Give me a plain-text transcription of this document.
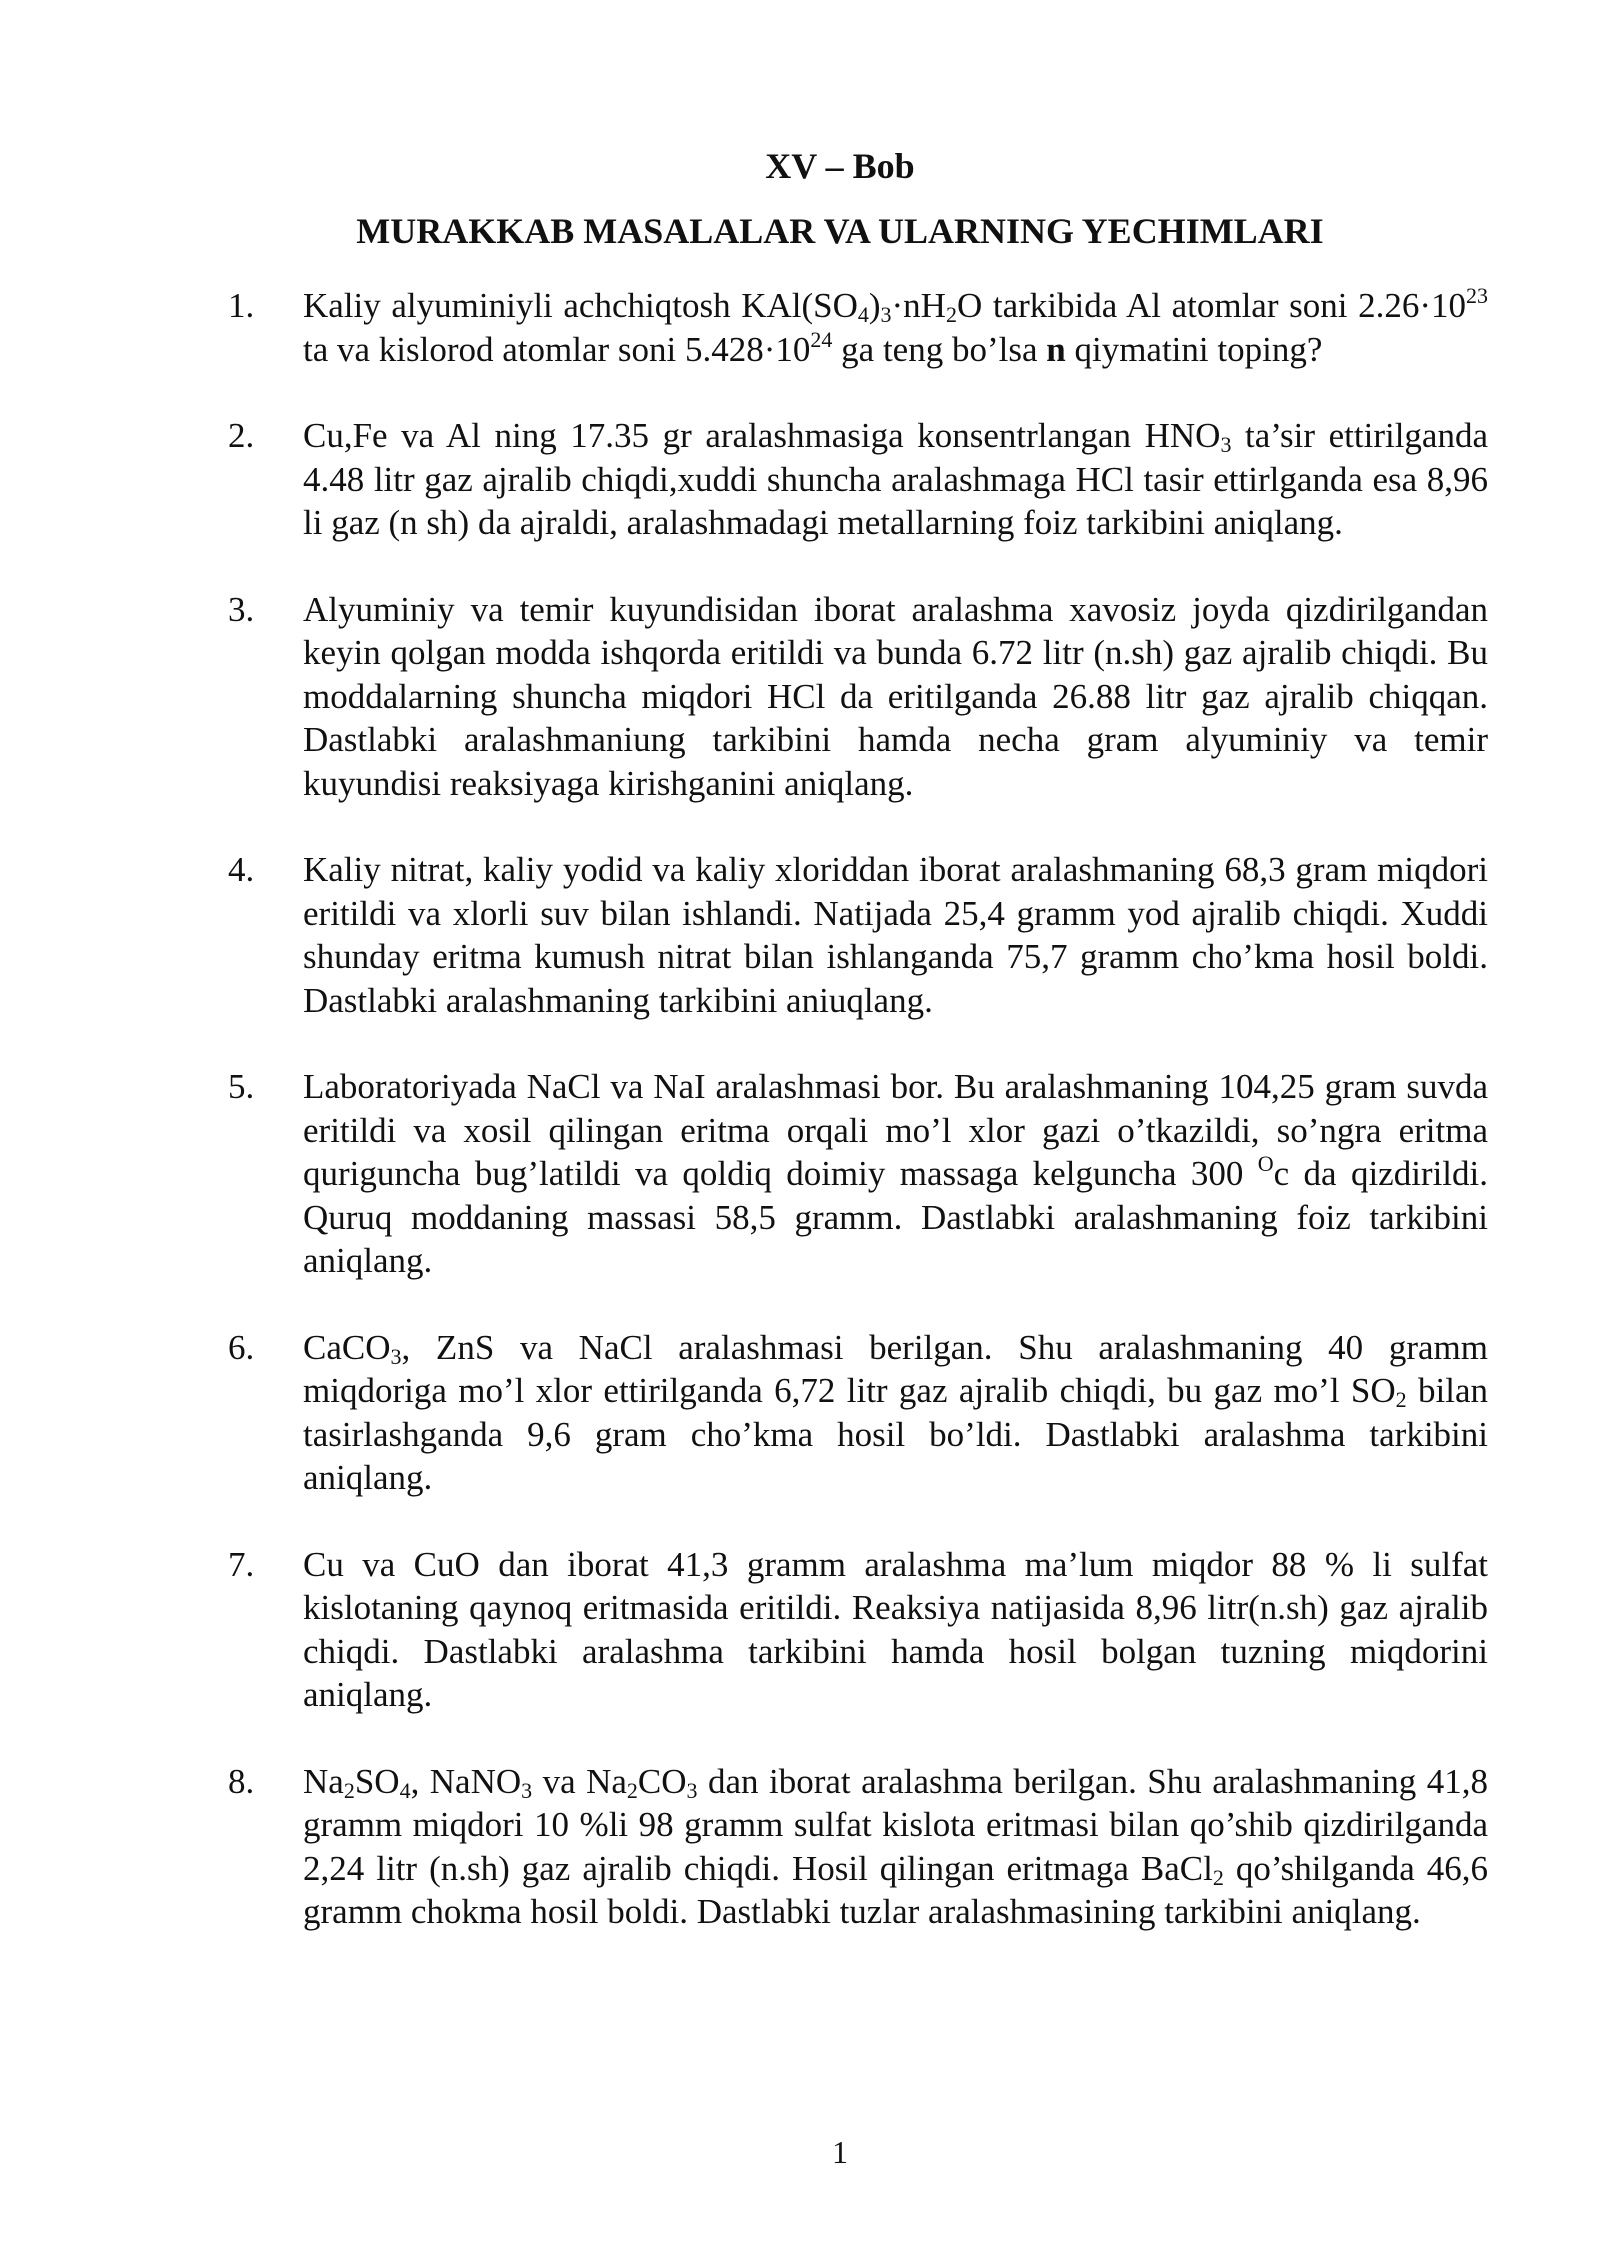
XV – Bob
MURAKKAB MASALALAR VA ULARNING YECHIMLARI
1.	Kaliy alyuminiyli achchiqtosh $KAl(SO_4)_3\cdot nH_2O$ tarkibida Al atomlar soni $2.26\cdot 10^{23}$ ta va kislorod atomlar soni $5.428\cdot 10^{24}$ ga teng bo’lsa n qiymatini toping?
2.	Cu,Fe va Al ning 17.35 gr aralashmasiga konsentrlangan $HNO_3$ ta’sir ettirilganda 4.48 litr gaz ajralib chiqdi,xuddi shuncha aralashmaga HCl tasir ettirlganda esa 8,96 li gaz (n sh) da ajraldi, aralashmadagi metallarning foiz tarkibini aniqlang.
3.	Alyuminiy va temir kuyundisidan iborat aralashma xavosiz joyda qizdirilgandan keyin qolgan modda ishqorda eritildi va bunda 6.72 litr (n.sh) gaz ajralib chiqdi. Bu moddalarning shuncha miqdori HCl da eritilganda 26.88 litr gaz ajralib chiqqan. Dastlabki aralashmaniung tarkibini hamda necha gram alyuminiy va temir kuyundisi reaksiyaga kirishganini aniqlang.
4.	Kaliy nitrat, kaliy yodid va kaliy xloriddan iborat aralashmaning 68,3 gram miqdori eritildi va xlorli suv bilan ishlandi. Natijada 25,4 gramm yod ajralib chiqdi. Xuddi shunday eritma kumush nitrat bilan ishlanganda 75,7 gramm cho’kma hosil boldi. Dastlabki aralashmaning tarkibini aniuqlang.
5.	Laboratoriyada NaCl va NaI aralashmasi bor. Bu aralashmaning 104,25 gram suvda eritildi va xosil qilingan eritma orqali mo’l xlor gazi o’tkazildi, so’ngra eritma quriguncha bug’latildi va qoldiq doimiy massaga kelguncha 300 $^O$c da qizdirildi. Quruq moddaning massasi 58,5 gramm. Dastlabki aralashmaning foiz tarkibini aniqlang.
6.	CaCO$_3$, ZnS va NaCl aralashmasi berilgan. Shu aralashmaning 40 gramm miqdoriga mo’l xlor ettirilganda 6,72 litr gaz ajralib chiqdi, bu gaz mo’l $SO_2$ bilan tasirlashganda 9,6 gram cho’kma hosil bo’ldi. Dastlabki aralashma tarkibini aniqlang.
7.	Cu va CuO dan iborat 41,3 gramm aralashma ma’lum miqdor 88 % li sulfat kislotaning qaynoq eritmasida eritildi. Reaksiya natijasida 8,96 litr(n.sh) gaz ajralib chiqdi. Dastlabki aralashma tarkibini hamda hosil bolgan tuzning miqdorini aniqlang.
8.	$Na_2SO_4$, NaNO$_3$ va $Na_2CO_3$ dan iborat aralashma berilgan. Shu aralashmaning 41,8 gramm miqdori 10 %li 98 gramm sulfat kislota eritmasi bilan qo’shib qizdirilganda 2,24 litr (n.sh) gaz ajralib chiqdi. Hosil qilingan eritmaga BaCl$_2$ qo’shilganda 46,6 gramm chokma hosil boldi. Dastlabki tuzlar aralashmasining tarkibini aniqlang.
1
